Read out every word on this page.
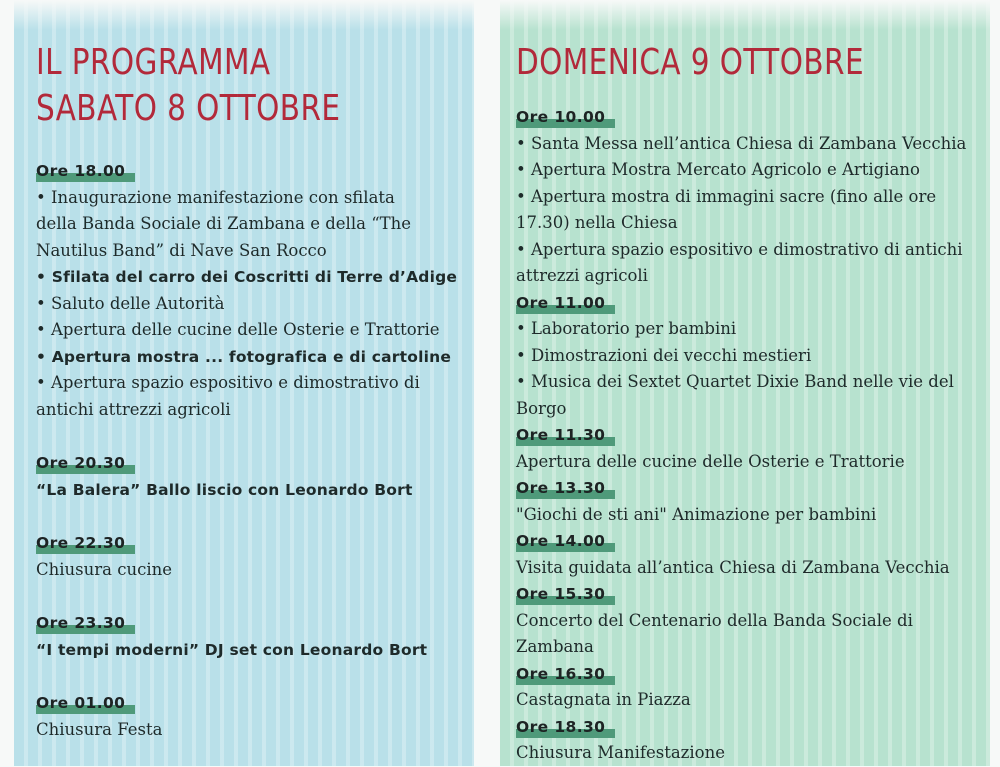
IL PROGRAMMA
SABATO 8 OTTOBRE
DOMENICA 9 OTTOBRE
Ore 18.00
• Inaugurazione manifestazione con sfilata
della Banda Sociale di Zambana e della “The
Nautilus Band” di Nave San Rocco
• Sfilata del carro dei Coscritti di Terre d’Adige
• Saluto delle Autorità
• Apertura delle cucine delle Osterie e Trattorie
• Apertura mostra ... fotografica e di cartoline
• Apertura spazio espositivo e dimostrativo di
antichi attrezzi agricoli
Ore 20.30
“La Balera” Ballo liscio con Leonardo Bort
Ore 22.30
Chiusura cucine
Ore 23.30
“I tempi moderni” DJ set con Leonardo Bort
Ore 01.00
Chiusura Festa
Ore 10.00
• Santa Messa nell’antica Chiesa di Zambana Vecchia
• Apertura Mostra Mercato Agricolo e Artigiano
• Apertura mostra di immagini sacre (fino alle ore
17.30) nella Chiesa
• Apertura spazio espositivo e dimostrativo di antichi
attrezzi agricoli
Ore 11.00
• Laboratorio per bambini
• Dimostrazioni dei vecchi mestieri
• Musica dei Sextet Quartet Dixie Band nelle vie del
Borgo
Ore 11.30
Apertura delle cucine delle Osterie e Trattorie
Ore 13.30
"Giochi de sti ani" Animazione per bambini
Ore 14.00
Visita guidata all’antica Chiesa di Zambana Vecchia
Ore 15.30
Concerto del Centenario della Banda Sociale di
Zambana
Ore 16.30
Castagnata in Piazza
Ore 18.30
Chiusura Manifestazione
